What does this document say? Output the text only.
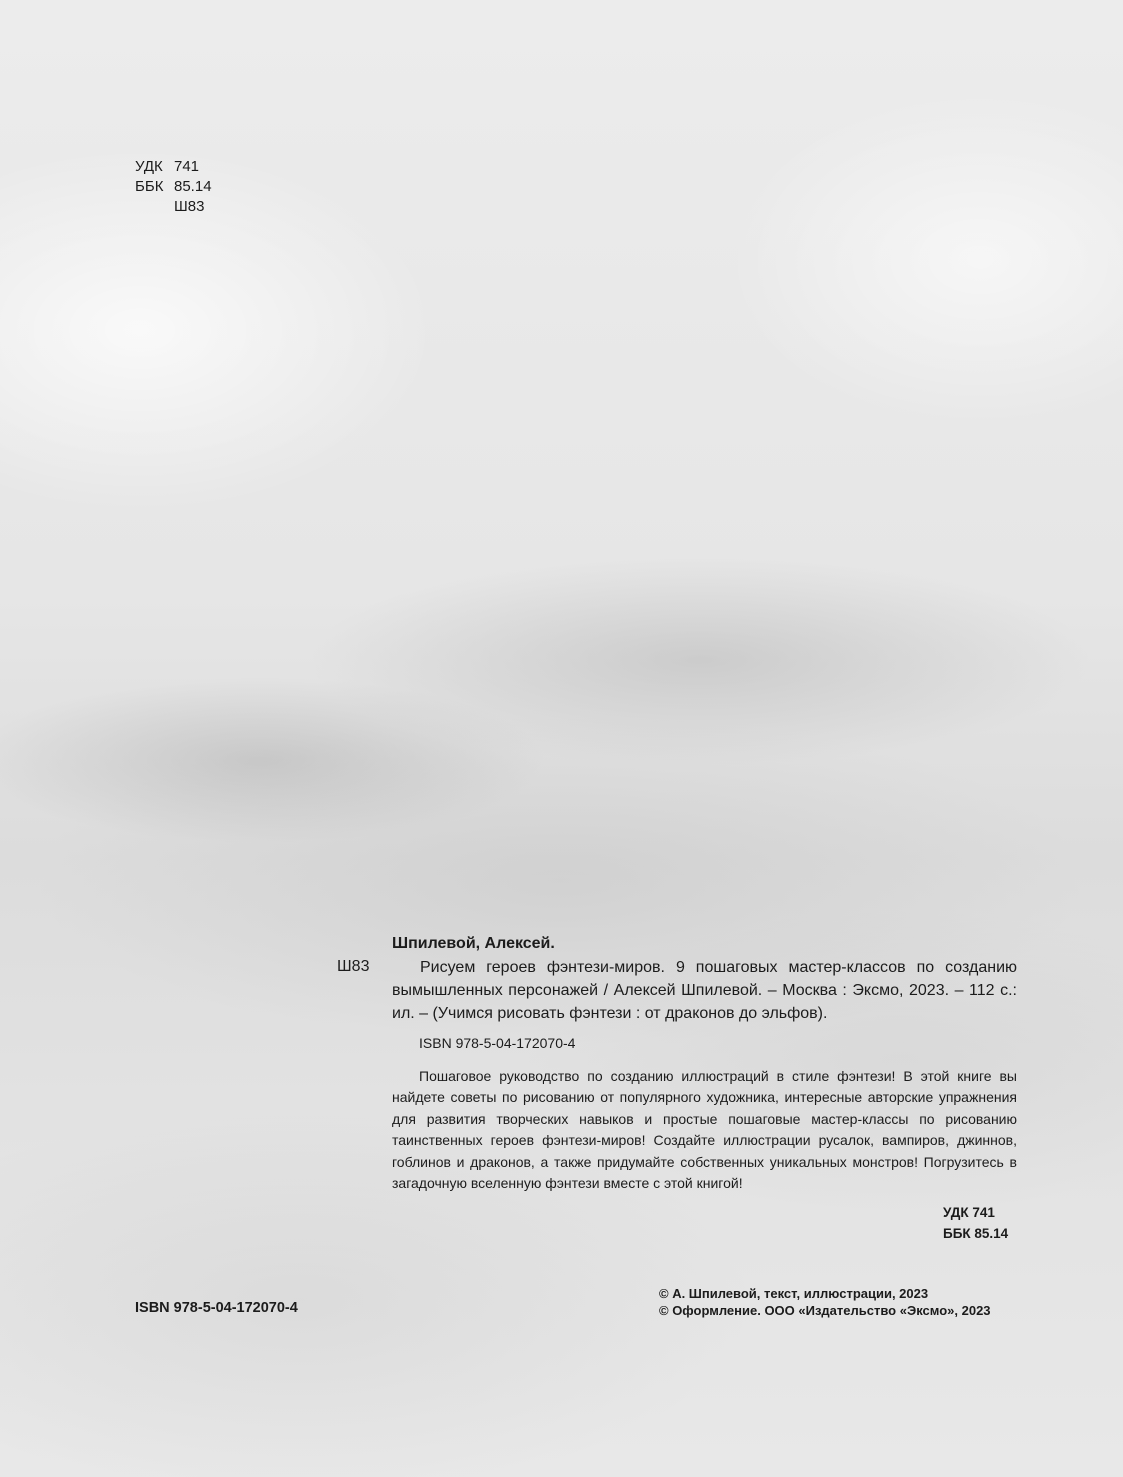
УДК 741
ББК 85.14
Ш83
Шпилевой, Алексей.
Ш83	Рисуем героев фэнтези-миров. 9 пошаговых мастер-классов по созданию вымышленных персонажей / Алексей Шпилевой. – Москва : Эксмо, 2023. – 112 с.: ил. – (Учимся рисовать фэнтези : от драконов до эльфов).
ISBN 978-5-04-172070-4
Пошаговое руководство по созданию иллюстраций в стиле фэнтези! В этой книге вы найдете советы по рисованию от популярного художника, интересные авторские упражнения для развития творческих навыков и простые пошаговые мастер-классы по рисованию таинственных героев фэнтези-миров! Создайте иллюстрации русалок, вампиров, джиннов, гоблинов и драконов, а также придумайте собственных уникальных монстров! Погрузитесь в загадочную вселенную фэнтези вместе с этой книгой!
УДК 741
ББК 85.14
ISBN 978-5-04-172070-4
© А. Шпилевой, текст, иллюстрации, 2023
© Оформление. ООО «Издательство «Эксмо», 2023
